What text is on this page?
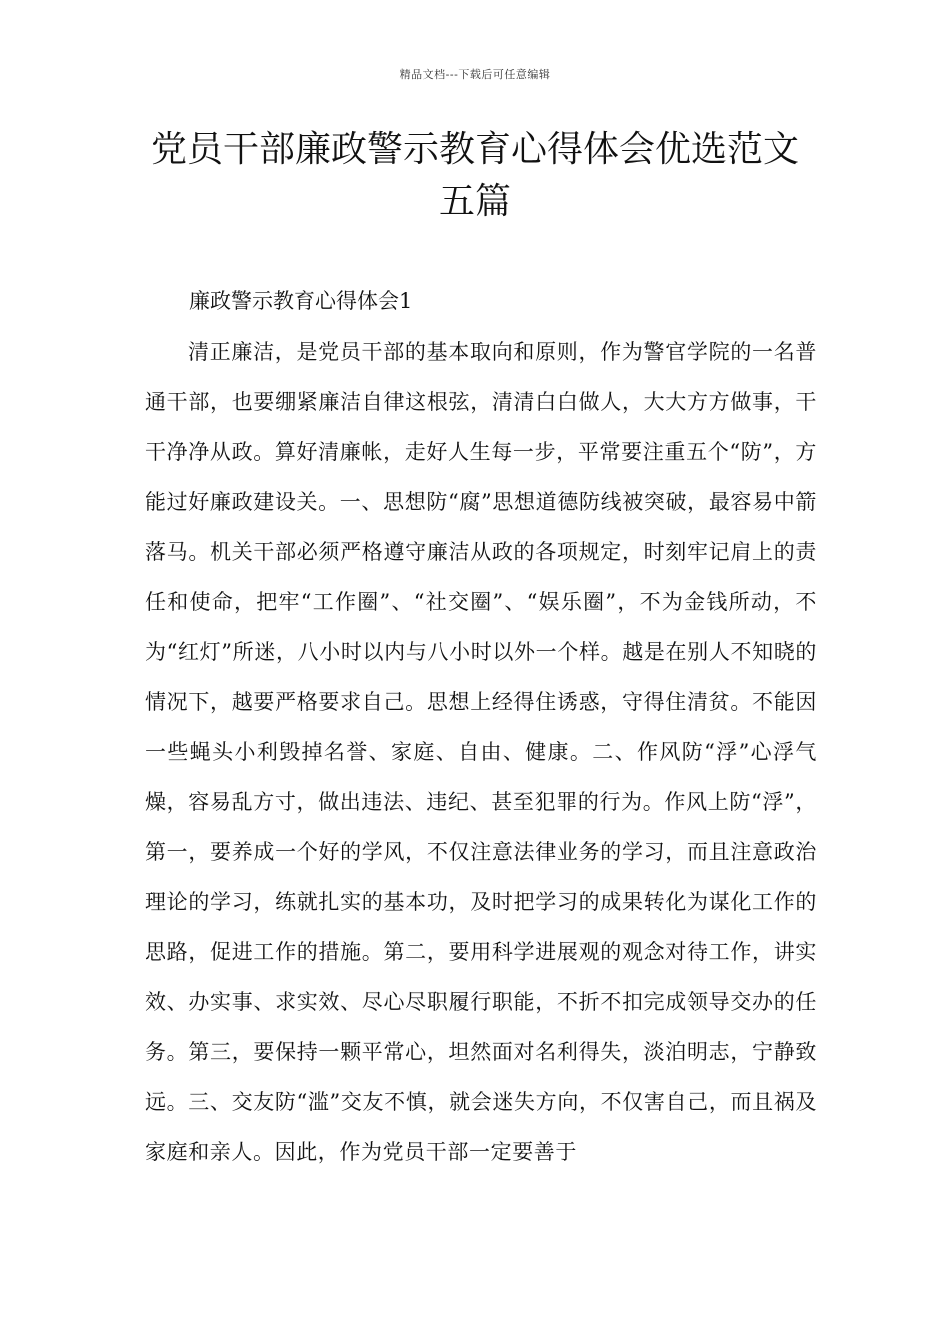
精品文档---下载后可任意编辑
党员干部廉政警示教育心得体会优选范文五篇

廉政警示教育心得体会1

清正廉洁，是党员干部的基本取向和原则，作为警官学院的一名普通干部，也要绷紧廉洁自律这根弦，清清白白做人，大大方方做事，干干净净从政。算好清廉帐，走好人生每一步，平常要注重五个“防”，方能过好廉政建设关。一、思想防“腐”思想道德防线被突破，最容易中箭落马。机关干部必须严格遵守廉洁从政的各项规定，时刻牢记肩上的责任和使命，把牢“工作圈”、“社交圈”、“娱乐圈”，不为金钱所动，不为“红灯”所迷，八小时以内与八小时以外一个样。越是在别人不知晓的情况下，越要严格要求自己。思想上经得住诱惑，守得住清贫。不能因一些蝇头小利毁掉名誉、家庭、自由、健康。二、作风防“浮”心浮气燥，容易乱方寸，做出违法、违纪、甚至犯罪的行为。作风上防“浮”，第一，要养成一个好的学风，不仅注意法律业务的学习，而且注意政治理论的学习，练就扎实的基本功，及时把学习的成果转化为谋化工作的思路，促进工作的措施。第二，要用科学进展观的观念对待工作，讲实效、办实事、求实效、尽心尽职履行职能，不折不扣完成领导交办的任务。第三，要保持一颗平常心，坦然面对名利得失，淡泊明志，宁静致远。三、交友防“滥”交友不慎，就会迷失方向，不仅害自己，而且祸及家庭和亲人。因此，作为党员干部一定要善于
